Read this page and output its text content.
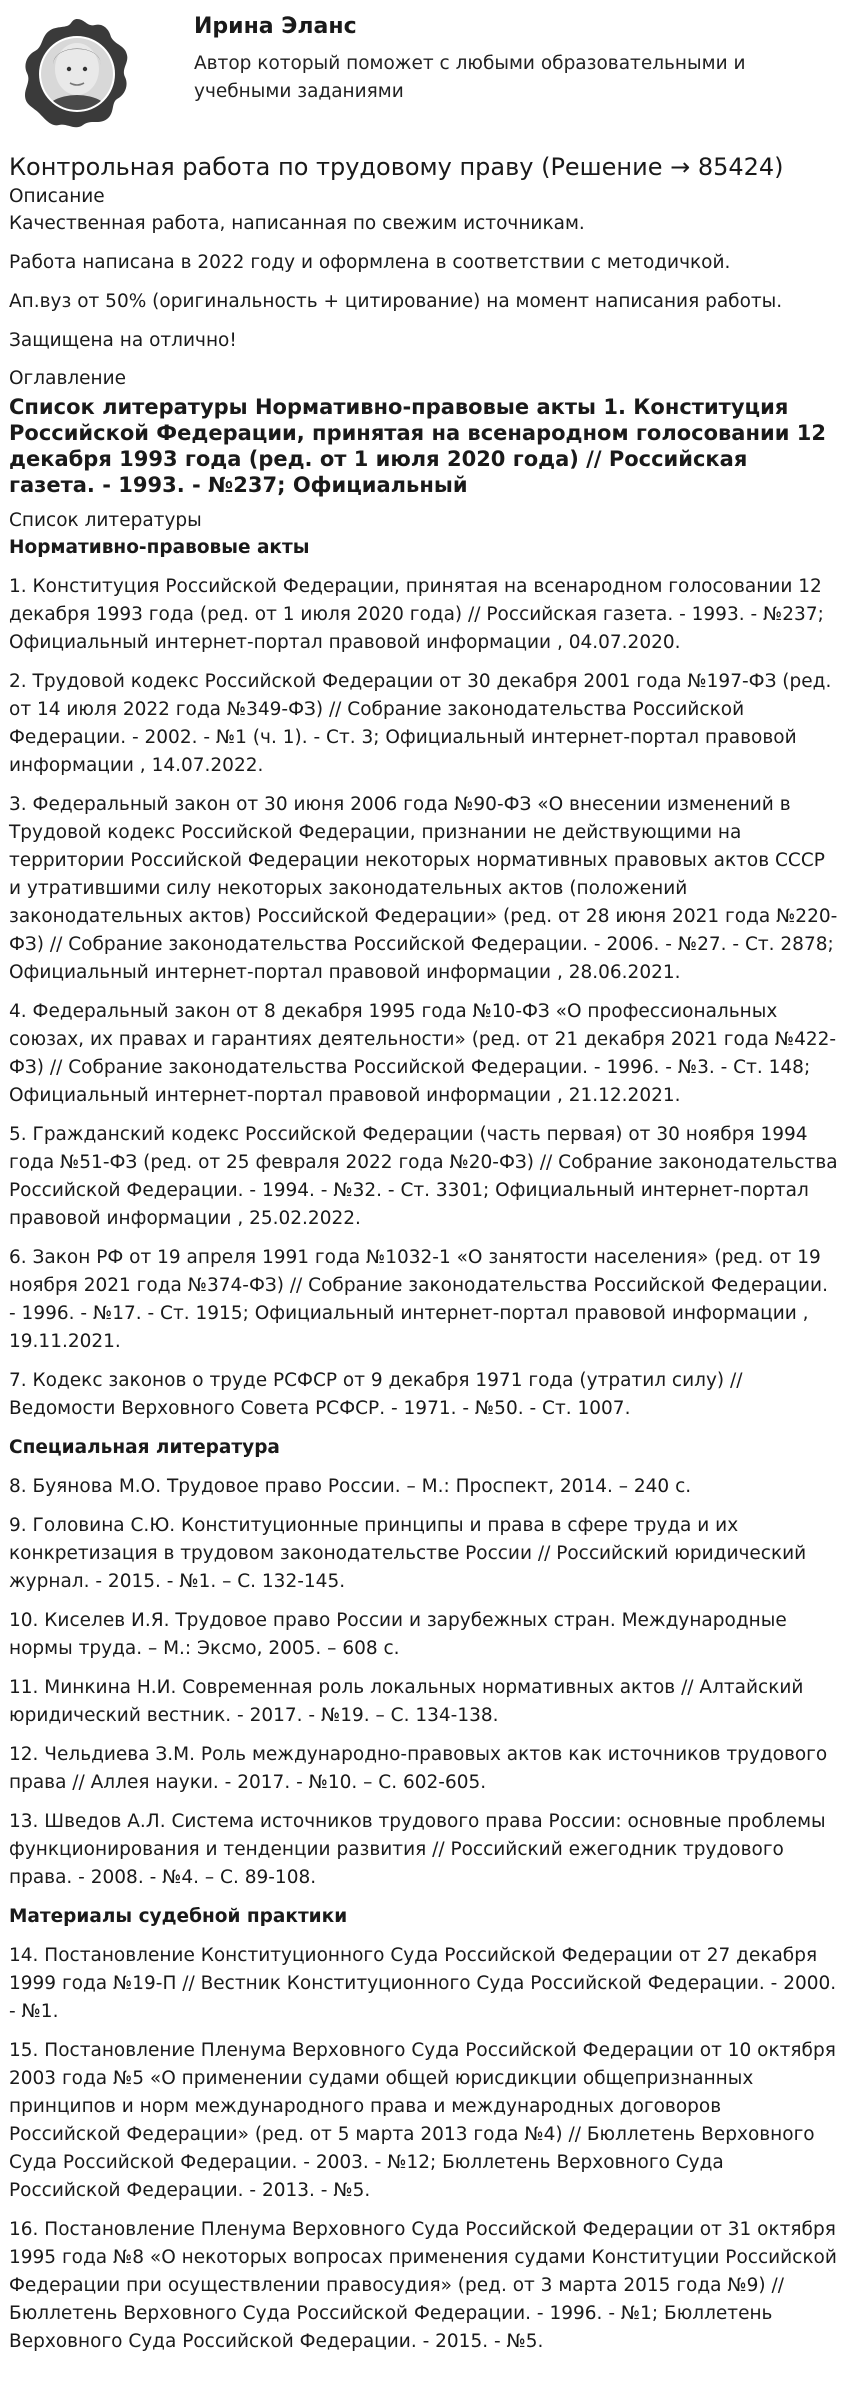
Ирина Эланс
Автор который поможет с любыми образовательными и учебными заданиями
Контрольная работа по трудовому праву (Решение → 85424)
Описание

Качественная работа, написанная по свежим источникам.

Работа написана в 2022 году и оформлена в соответствии с методичкой.

Ап.вуз от 50% (оригинальность + цитирование) на момент написания работы.

Защищена на отлично!

Оглавление
Список литературы Нормативно-правовые акты 1. Конституция Российской Федерации, принятая на всенародном голосовании 12 декабря 1993 года (ред. от 1 июля 2020 года) // Российская газета. - 1993. - №237; Официальный
Список литературы
Нормативно-правовые акты

1. Конституция Российской Федерации, принятая на всенародном голосовании 12 декабря 1993 года (ред. от 1 июля 2020 года) // Российская газета. - 1993. - №237; Официальный интернет-портал правовой информации , 04.07.2020.

2. Трудовой кодекс Российской Федерации от 30 декабря 2001 года №197-ФЗ (ред. от 14 июля 2022 года №349-ФЗ) // Собрание законодательства Российской Федерации. - 2002. - №1 (ч. 1). - Ст. 3; Официальный интернет-портал правовой информации , 14.07.2022.

3. Федеральный закон от 30 июня 2006 года №90-ФЗ «О внесении изменений в Трудовой кодекс Российской Федерации, признании не действующими на территории Российской Федерации некоторых нормативных правовых актов СССР и утратившими силу некоторых законодательных актов (положений законодательных актов) Российской Федерации» (ред. от 28 июня 2021 года №220-ФЗ) // Собрание законодательства Российской Федерации. - 2006. - №27. - Ст. 2878; Официальный интернет-портал правовой информации , 28.06.2021.

4. Федеральный закон от 8 декабря 1995 года №10-ФЗ «О профессиональных союзах, их правах и гарантиях деятельности» (ред. от 21 декабря 2021 года №422-ФЗ) // Собрание законодательства Российской Федерации. - 1996. - №3. - Ст. 148; Официальный интернет-портал правовой информации , 21.12.2021.

5. Гражданский кодекс Российской Федерации (часть первая) от 30 ноября 1994 года №51-ФЗ (ред. от 25 февраля 2022 года №20-ФЗ) // Собрание законодательства Российской Федерации. - 1994. - №32. - Ст. 3301; Официальный интернет-портал правовой информации , 25.02.2022.

6. Закон РФ от 19 апреля 1991 года №1032-1 «О занятости населения» (ред. от 19 ноября 2021 года №374-ФЗ) // Собрание законодательства Российской Федерации. - 1996. - №17. - Ст. 1915; Официальный интернет-портал правовой информации , 19.11.2021.

7. Кодекс законов о труде РСФСР от 9 декабря 1971 года (утратил силу) // Ведомости Верховного Совета РСФСР. - 1971. - №50. - Ст. 1007.

Специальная литература

8. Буянова М.О. Трудовое право России. – М.: Проспект, 2014. – 240 с.

9. Головина С.Ю. Конституционные принципы и права в сфере труда и их конкретизация в трудовом законодательстве России // Российский юридический журнал. - 2015. - №1. – С. 132-145.

10. Киселев И.Я. Трудовое право России и зарубежных стран. Международные нормы труда. – М.: Эксмо, 2005. – 608 с.

11. Минкина Н.И. Современная роль локальных нормативных актов // Алтайский юридический вестник. - 2017. - №19. – С. 134-138.

12. Чельдиева З.М. Роль международно-правовых актов как источников трудового права // Аллея науки. - 2017. - №10. – С. 602-605.

13. Шведов А.Л. Система источников трудового права России: основные проблемы функционирования и тенденции развития // Российский ежегодник трудового права. - 2008. - №4. – С. 89-108.

Материалы судебной практики

14. Постановление Конституционного Суда Российской Федерации от 27 декабря 1999 года №19-П // Вестник Конституционного Суда Российской Федерации. - 2000. - №1.

15. Постановление Пленума Верховного Суда Российской Федерации от 10 октября 2003 года №5 «О применении судами общей юрисдикции общепризнанных принципов и норм международного права и международных договоров Российской Федерации» (ред. от 5 марта 2013 года №4) // Бюллетень Верховного Суда Российской Федерации. - 2003. - №12; Бюллетень Верховного Суда Российской Федерации. - 2013. - №5.

16. Постановление Пленума Верховного Суда Российской Федерации от 31 октября 1995 года №8 «О некоторых вопросах применения судами Конституции Российской Федерации при осуществлении правосудия» (ред. от 3 марта 2015 года №9) // Бюллетень Верховного Суда Российской Федерации. - 1996. - №1; Бюллетень Верховного Суда Российской Федерации. - 2015. - №5.
